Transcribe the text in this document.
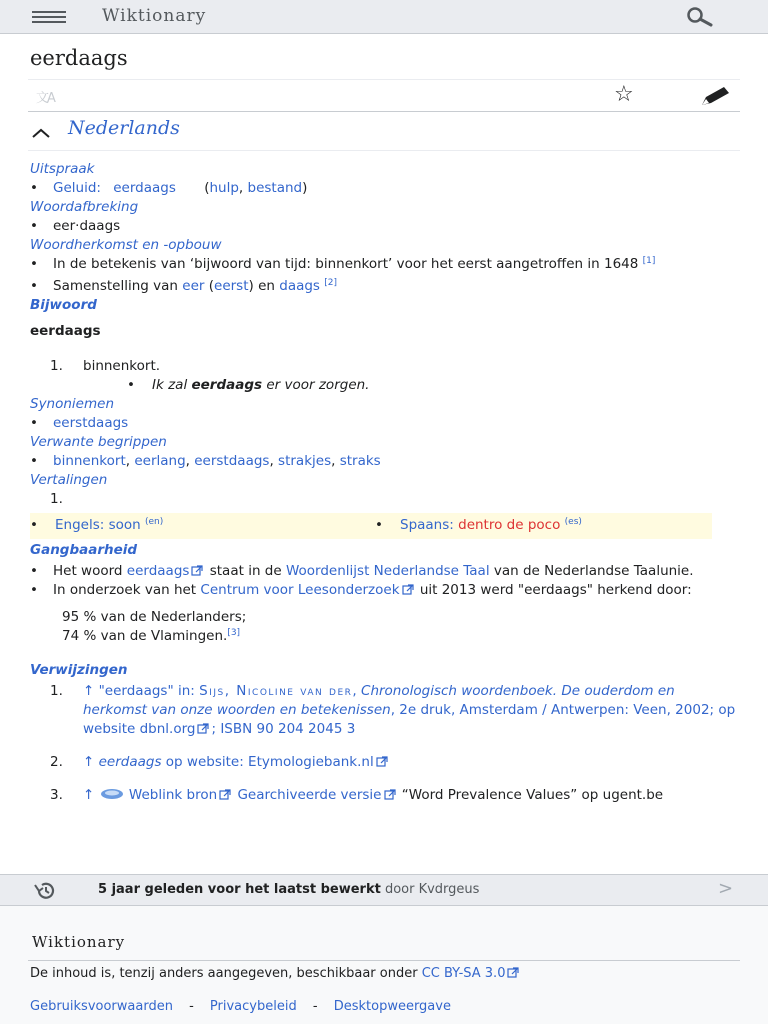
Wiktionary
eerdaags
文A	☆
Nederlands
Uitspraak
• Geluid: eerdaags (hulp, bestand)
Woordafbreking
• eer·daags
Woordherkomst en -opbouw
• In de betekenis van ‘bijwoord van tijd: binnenkort’ voor het eerst aangetroffen in 1648 [1]
• Samenstelling van eer (eerst) en daags [2]
Bijwoord
eerdaags
1. binnenkort.
• Ik zal eerdaags er voor zorgen.
Synoniemen
• eerstdaags
Verwante begrippen
• binnenkort, eerlang, eerstdaags, strakjes, straks
Vertalingen
1.

• Engels: soon $^{(en)}$
•	Spaans: dentro de poco $^{(es)}$
Gangbaarheid
• Het woord eerdaags staat in de Woordenlijst Nederlandse Taal van de Nederlandse Taalunie.
• In onderzoek van het Centrum voor Leesonderzoek uit 2013 werd "eerdaags" herkend door:
95 % van de Nederlanders;
74 % van de Vlamingen.[3]
Verwijzingen
1. ↑ "eerdaags" in: Sijs, Nicoline van der, Chronologisch woordenboek. De ouderdom en herkomst van onze woorden en betekenissen, 2e druk, Amsterdam / Antwerpen: Veen, 2002; op website dbnl.org ; ISBN 90 204 2045 3
2. ↑ eerdaags op website: Etymologiebank.nl
3. ↑	Weblink bron Gearchiveerde versie “Word Prevalence Values” op ugent.be
5 jaar geleden voor het laatst bewerkt door Kvdrgeus	>
Wiktionary
De inhoud is, tenzij anders aangegeven, beschikbaar onder CC BY-SA 3.0
Gebruiksvoorwaarden - Privacybeleid - Desktopweergave
